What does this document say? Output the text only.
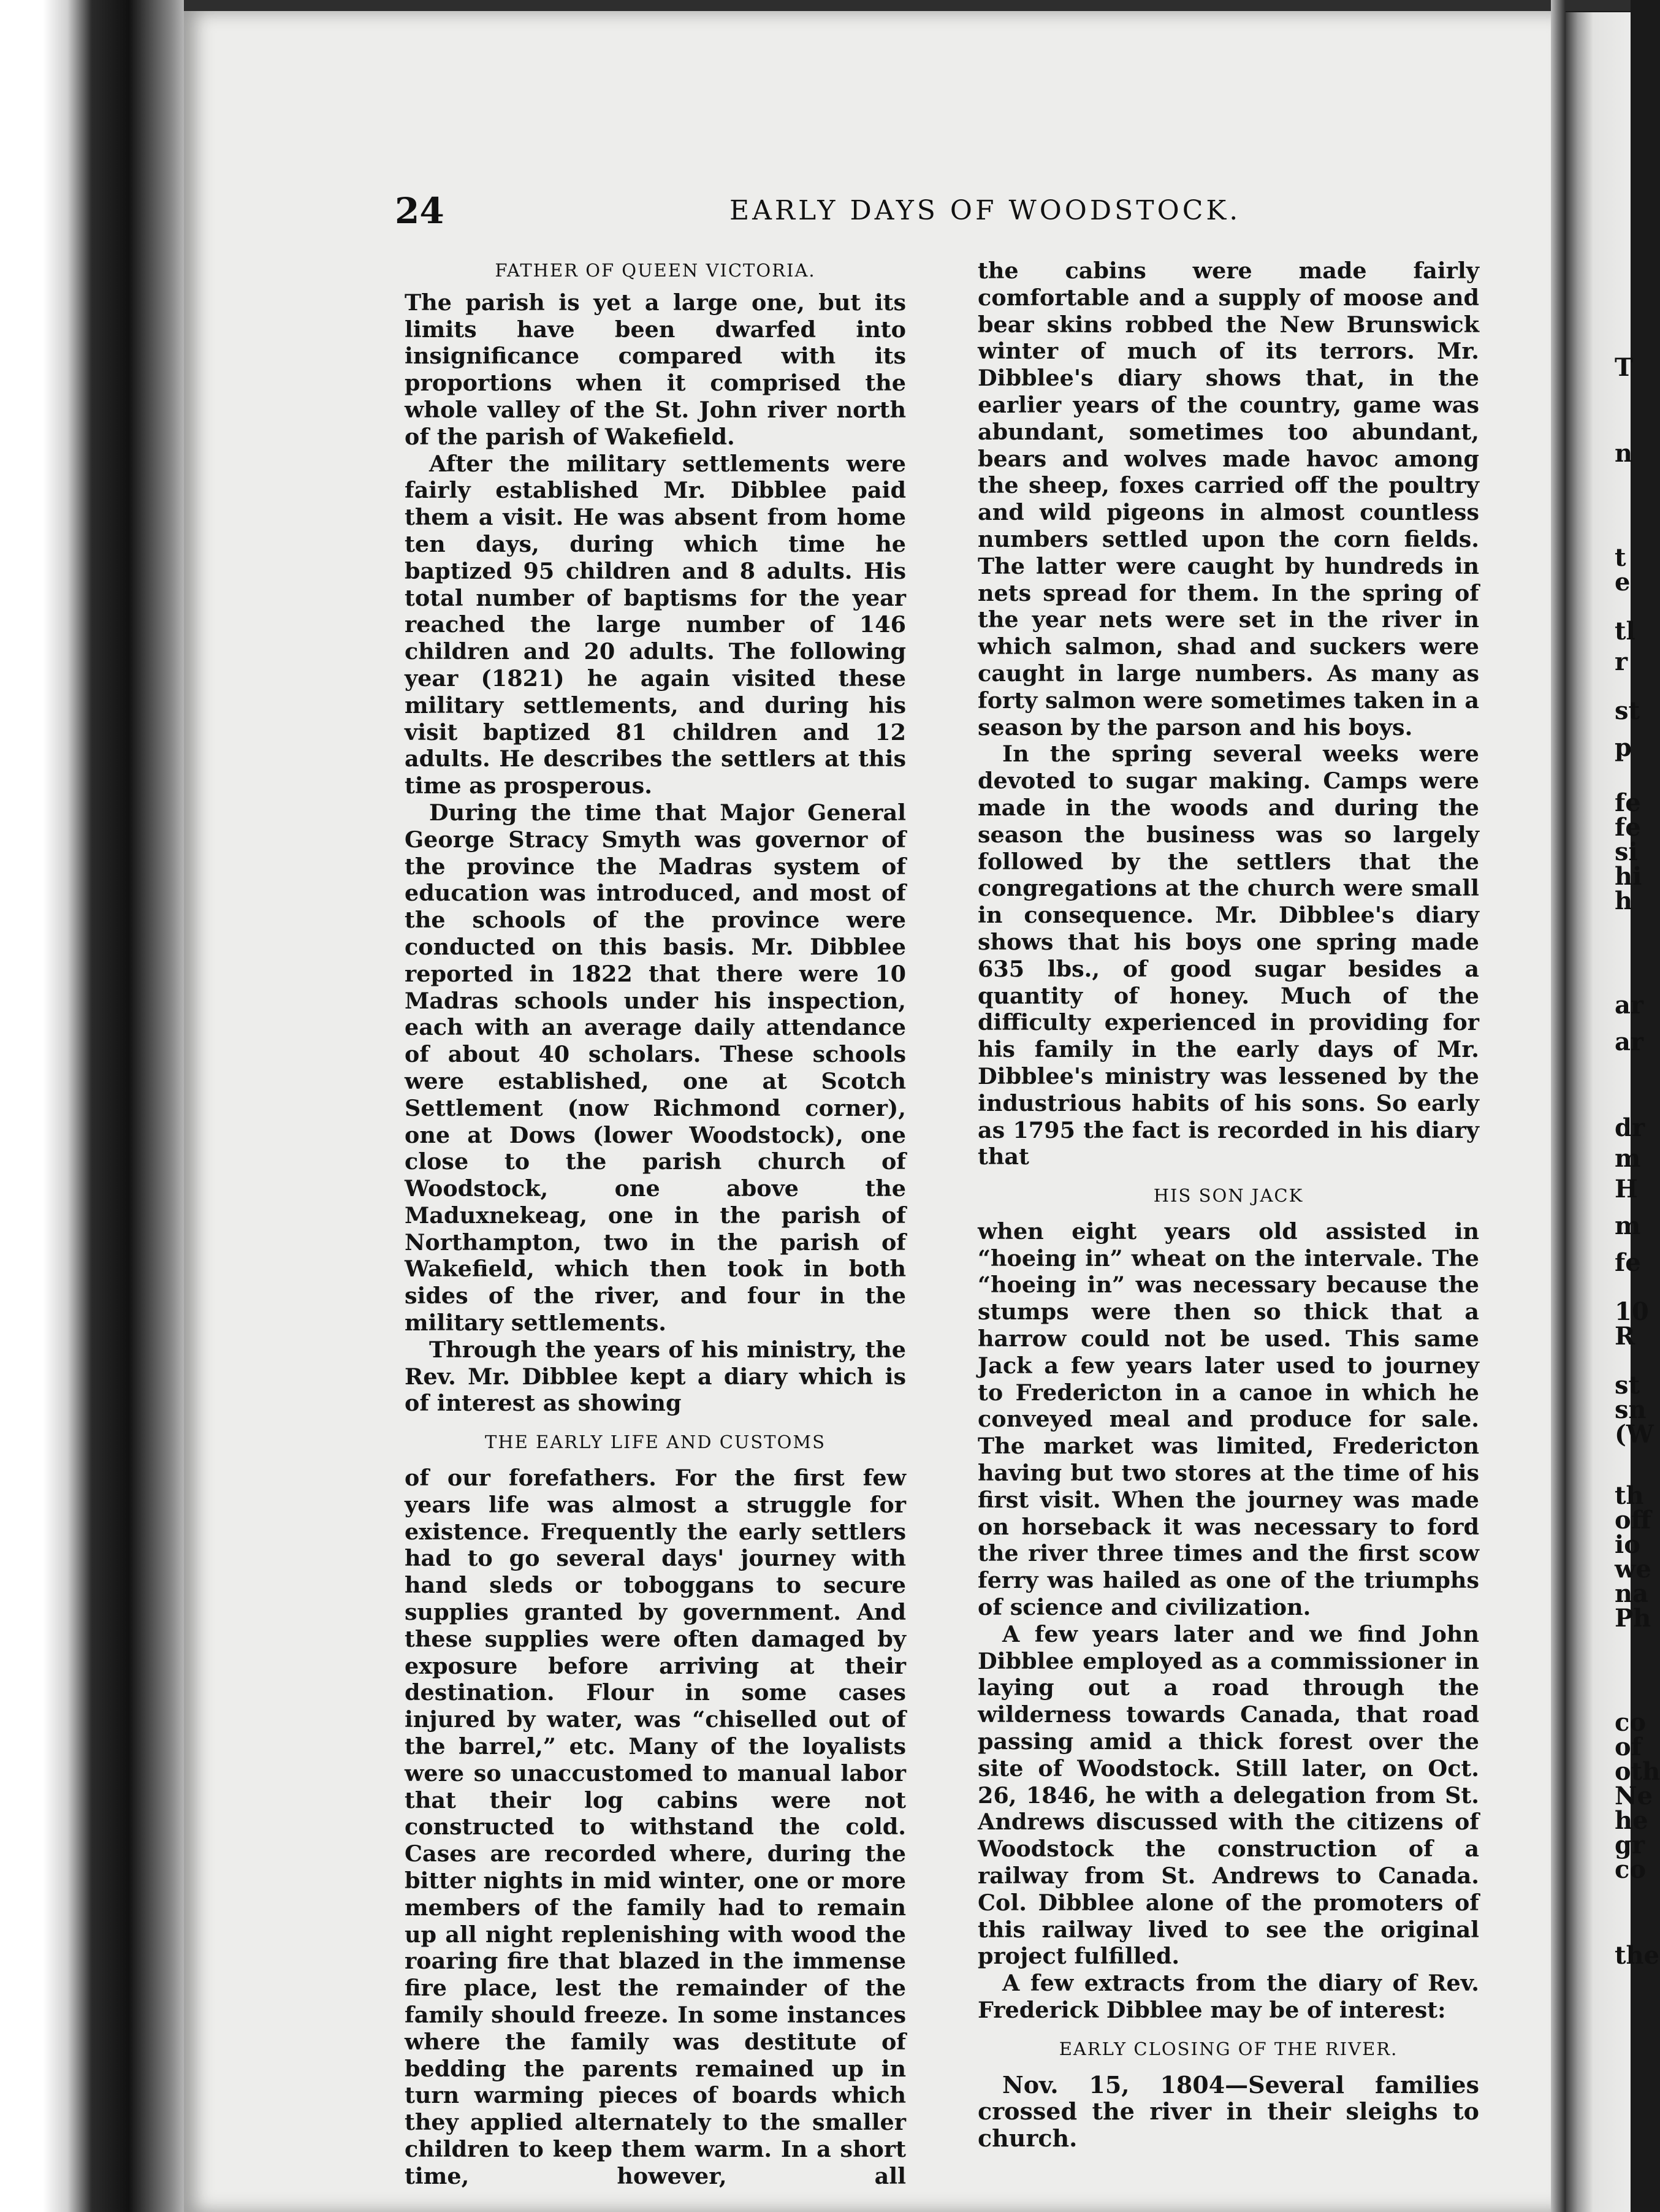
24	EARLY DAYS OF WOODSTOCK.
FATHER OF QUEEN VICTORIA.

The parish is yet a large one, but its limits have been dwarfed into insignificance compared with its proportions when it comprised the whole valley of the St. John river north of the parish of Wakefield.

After the military settlements were fairly established Mr. Dibblee paid them a visit. He was absent from home ten days, during which time he baptized 95 children and 8 adults. His total number of baptisms for the year reached the large number of 146 children and 20 adults. The following year (1821) he again visited these military settlements, and during his visit baptized 81 children and 12 adults. He describes the settlers at this time as prosperous.

During the time that Major General George Stracy Smyth was governor of the province the Madras system of education was introduced, and most of the schools of the province were conducted on this basis. Mr. Dibblee reported in 1822 that there were 10 Madras schools under his inspection, each with an average daily attendance of about 40 scholars. These schools were established, one at Scotch Settlement (now Richmond corner), one at Dows (lower Woodstock), one close to the parish church of Woodstock, one above the Maduxnekeag, one in the parish of Northampton, two in the parish of Wakefield, which then took in both sides of the river, and four in the military settlements.

Through the years of his ministry, the Rev. Mr. Dibblee kept a diary which is of interest as showing

THE EARLY LIFE AND CUSTOMS

of our forefathers. For the first few years life was almost a struggle for existence. Frequently the early settlers had to go several days' journey with hand sleds or toboggans to secure supplies granted by government. And these supplies were often damaged by exposure before arriving at their destination. Flour in some cases injured by water, was “chiselled out of the barrel,” etc. Many of the loyalists were so unaccustomed to manual labor that their log cabins were not constructed to withstand the cold. Cases are recorded where, during the bitter nights in mid winter, one or more members of the family had to remain up all night replenishing with wood the roaring fire that blazed in the immense fire place, lest the remainder of the family should freeze. In some instances where the family was destitute of bedding the parents remained up in turn warming pieces of boards which they applied alternately to the smaller children to keep them warm. In a short time, however, all

the cabins were made fairly comfortable and a supply of moose and bear skins robbed the New Brunswick winter of much of its terrors. Mr. Dibblee's diary shows that, in the earlier years of the country, game was abundant, sometimes too abundant, bears and wolves made havoc among the sheep, foxes carried off the poultry and wild pigeons in almost countless numbers settled upon the corn fields. The latter were caught by hundreds in nets spread for them. In the spring of the year nets were set in the river in which salmon, shad and suckers were caught in large numbers. As many as forty salmon were sometimes taken in a season by the parson and his boys.

In the spring several weeks were devoted to sugar making. Camps were made in the woods and during the season the business was so largely followed by the settlers that the congregations at the church were small in consequence. Mr. Dibblee's diary shows that his boys one spring made 635 lbs., of good sugar besides a quantity of honey. Much of the difficulty experienced in providing for his family in the early days of Mr. Dibblee's ministry was lessened by the industrious habits of his sons. So early as 1795 the fact is recorded in his diary that

HIS SON JACK

when eight years old assisted in “hoeing in” wheat on the intervale. The “hoeing in” was necessary because the stumps were then so thick that a harrow could not be used. This same Jack a few years later used to journey to Fredericton in a canoe in which he conveyed meal and produce for sale. The market was limited, Fredericton having but two stores at the time of his first visit. When the journey was made on horseback it was necessary to ford the river three times and the first scow ferry was hailed as one of the triumphs of science and civilization.

A few years later and we find John Dibblee employed as a commissioner in laying out a road through the wilderness towards Canada, that road passing amid a thick forest over the site of Woodstock. Still later, on Oct. 26, 1846, he with a delegation from St. Andrews discussed with the citizens of Woodstock the construction of a railway from St. Andrews to Canada. Col. Dibblee alone of the promoters of this railway lived to see the original project fulfilled.

A few extracts from the diary of Rev. Frederick Dibblee may be of interest:

EARLY CLOSING OF THE RIVER.

Nov. 15, 1804—Several families crossed the river in their sleighs to church.

T
n
t
e
tl
r
st
p
fe
fe
si
hi
h
ar
ar
dr
m
H
m
fe
10
R
st
sn
(W
th
off
io
we
na
Ph
co
of
oth
Ne
he
gr
co
the
